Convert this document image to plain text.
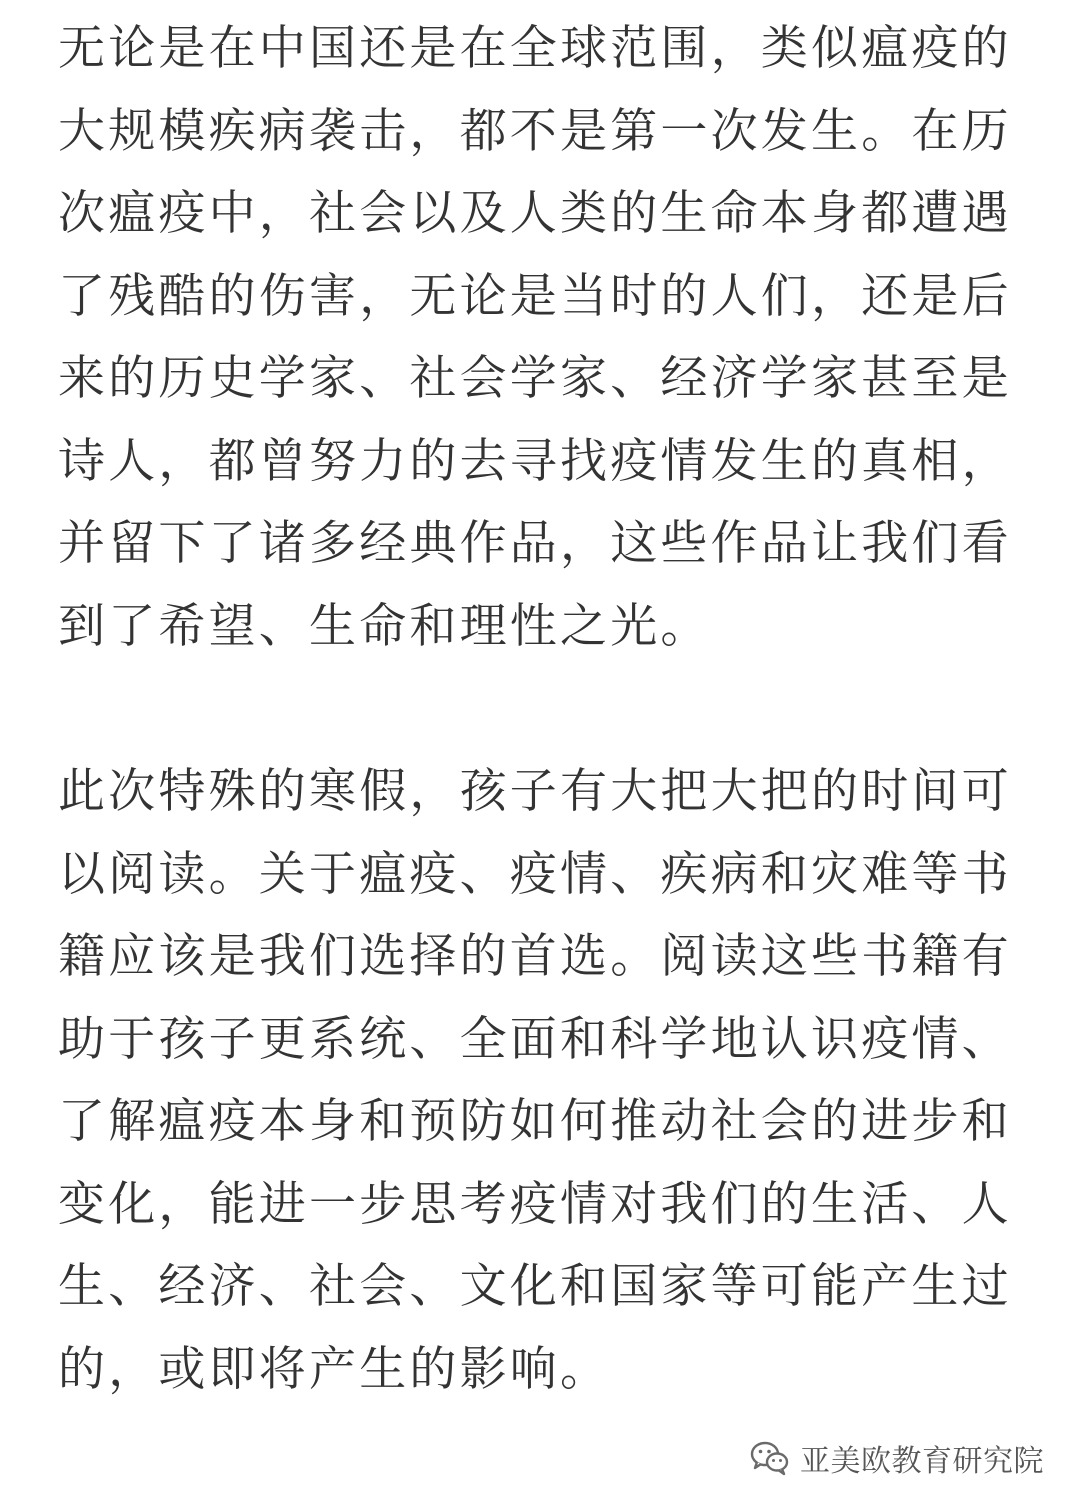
无论是在中国还是在全球范围，类似瘟疫的
大规模疾病袭击，都不是第一次发生。在历
次瘟疫中，社会以及人类的生命本身都遭遇
了残酷的伤害，无论是当时的人们，还是后
来的历史学家、社会学家、经济学家甚至是
诗人，都曾努力的去寻找疫情发生的真相，
并留下了诸多经典作品，这些作品让我们看
到了希望、生命和理性之光。

此次特殊的寒假，孩子有大把大把的时间可
以阅读。关于瘟疫、疫情、疾病和灾难等书
籍应该是我们选择的首选。阅读这些书籍有
助于孩子更系统、全面和科学地认识疫情、
了解瘟疫本身和预防如何推动社会的进步和
变化，能进一步思考疫情对我们的生活、人
生、经济、社会、文化和国家等可能产生过
的，或即将产生的影响。

亚美欧教育研究院
